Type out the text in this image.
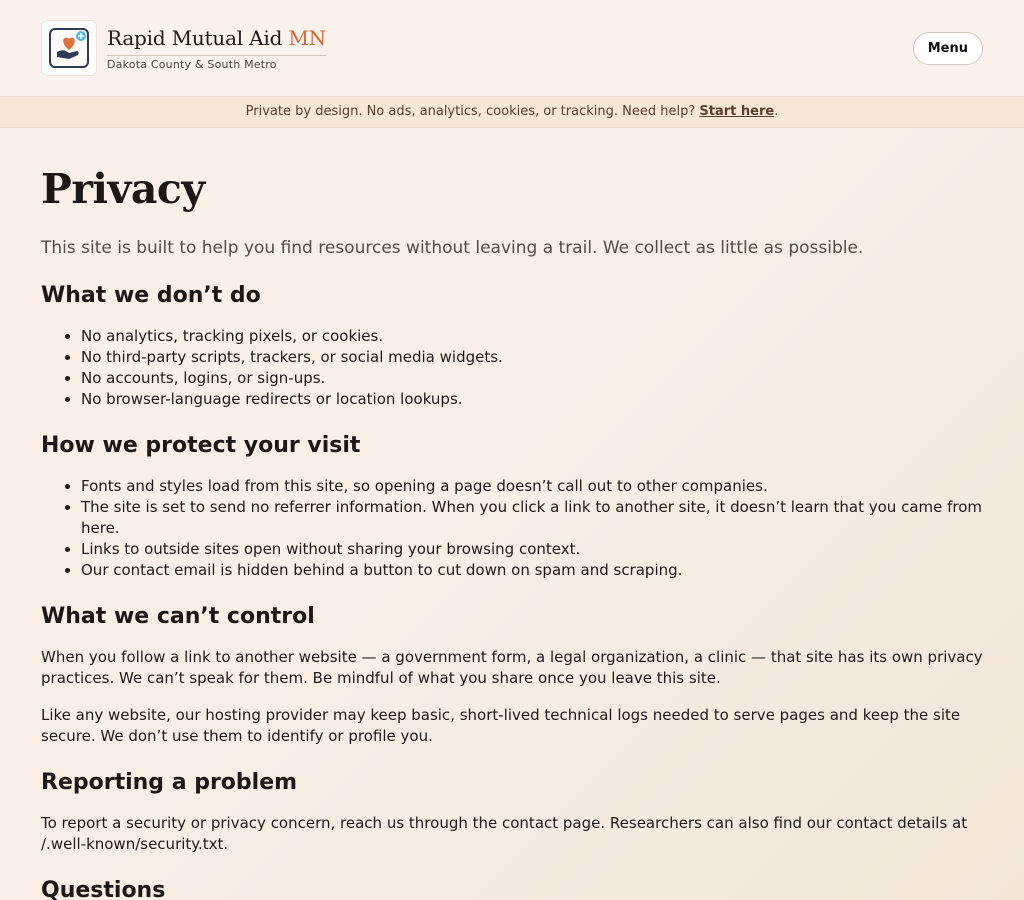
Rapid Mutual Aid MN
Dakota County & South Metro
Menu
Private by design. No ads, analytics, cookies, or tracking. Need help? Start here.
Privacy

This site is built to help you find resources without leaving a trail. We collect as little as possible.

What we don’t do
• No analytics, tracking pixels, or cookies.
• No third-party scripts, trackers, or social media widgets.
• No accounts, logins, or sign-ups.
• No browser-language redirects or location lookups.
How we protect your visit
• Fonts and styles load from this site, so opening a page doesn’t call out to other companies.
• The site is set to send no referrer information. When you click a link to another site, it doesn’t learn that you came from here.
• Links to outside sites open without sharing your browsing context.
• Our contact email is hidden behind a button to cut down on spam and scraping.
What we can’t control

When you follow a link to another website — a government form, a legal organization, a clinic — that site has its own privacy practices. We can’t speak for them. Be mindful of what you share once you leave this site.

Like any website, our hosting provider may keep basic, short-lived technical logs needed to serve pages and keep the site secure. We don’t use them to identify or profile you.

Reporting a problem

To report a security or privacy concern, reach us through the contact page. Researchers can also find our contact details at /.well-known/security.txt.

Questions
